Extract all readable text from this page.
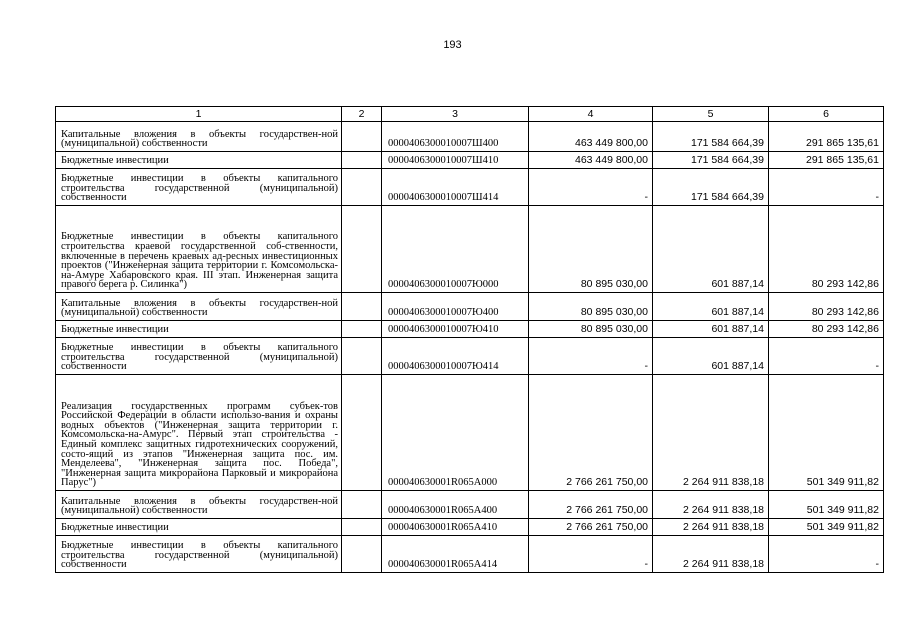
193
1	2	3	4	5	6
Капитальные вложения в объекты государствен-ной (муниципальной) собственности		0000406300010007Ш400	463 449 800,00	171 584 664,39	291 865 135,61
Бюджетные инвестиции		0000406300010007Ш410	463 449 800,00	171 584 664,39	291 865 135,61
Бюджетные инвестиции в объекты капитального строительства государственной (муниципальной) собственности		0000406300010007Ш414	-	171 584 664,39	-
Бюджетные инвестиции в объекты капитального строительства краевой государственной соб-ственности, включенные в перечень краевых ад-ресных инвестиционных проектов ("Инженерная защита территории г. Комсомольска-на-Амуре Хабаровского края. III этап. Инженерная защита правого берега р. Силинка")		0000406300010007Ю000	80 895 030,00	601 887,14	80 293 142,86
Капитальные вложения в объекты государствен-ной (муниципальной) собственности		0000406300010007Ю400	80 895 030,00	601 887,14	80 293 142,86
Бюджетные инвестиции		0000406300010007Ю410	80 895 030,00	601 887,14	80 293 142,86
Бюджетные инвестиции в объекты капитального строительства государственной (муниципальной) собственности		0000406300010007Ю414	-	601 887,14	-
Реализация государственных программ субъек-тов Российской Федерации в области использо-вания и охраны водных объектов ("Инженерная защита территории г. Комсомольска-на-Амурс". Первый этап строительства - Единый комплекс защитных гидротехнических сооружений, состо-ящий из этапов "Инженерная защита пос. им. Менделеева", "Инженерная защита пос. Победа", "Инженерная защита микрорайона Парковый и микрорайона Парус")		000040630001R065A000	2 766 261 750,00	2 264 911 838,18	501 349 911,82
Капитальные вложения в объекты государствен-ной (муниципальной) собственности		000040630001R065A400	2 766 261 750,00	2 264 911 838,18	501 349 911,82
Бюджетные инвестиции		000040630001R065A410	2 766 261 750,00	2 264 911 838,18	501 349 911,82
Бюджетные инвестиции в объекты капитального строительства государственной (муниципальной) собственности		000040630001R065A414	-	2 264 911 838,18	-
